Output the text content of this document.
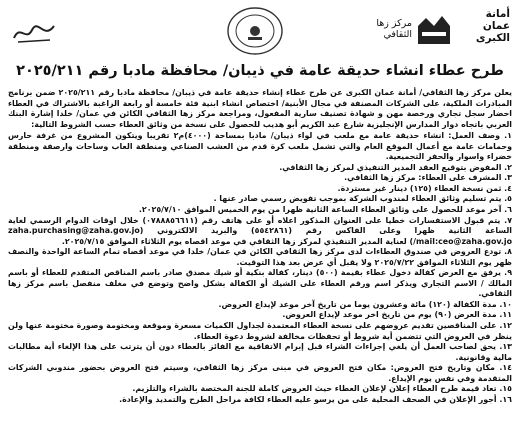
أمانة
عمان
الكبرى
مركز زها
الثقافي
طرح عطاء انشاء حديقة عامة في ذيبان/ محافظة مادبا رقم ٢٠٢٥/٢١١

يعلن مركز زها الثقافي/ أمانة عمان الكبرى عن طرح عطاء إنشاء حديقة عامة في ذيبان/ محافظة مادبا رقم ٢٠٢٥/٢١١ ضمن برنامج المبادرات الملكية، على الشركات المصنفة في مجال الأبنية/ اختصاص انشاء ابنية فئة خامسة أو رابعة الراغبة بالاشتراك في العطاء احضار سجل تجاري ورخصة مهن و شهادة تصنيف سارية المفعول، ومراجعة مركز زها الثقافي الكائن في عمان/ خلدا إشارة البنك العربي باتجاه دوار المدارس الإنجليزية شارع عبد الكريم أبو هديب للحصول على نسخة من وثائق العطاء حسب الشروط التالية:

١. وصف العمل: انشاء حديقة عامة مع ملعب في لواء ذيبان/ مادبا بمساحة (٤٠٠٠)م٢ تقريبا ويتكون المشروع من غرفة حارس وحمامات عامة مع أعمال الموقع العام والتي تشمل ملعب كرة قدم من العشب الصناعي ومنطقة العاب وساحات وارصفة ومنطقة خضراء واسوار والحفر التجميعية.

٢. المفوض بتوقيع العقد المدير التنفيذي لمركز زها الثقافي.

٣. المشرف على العطاء: مركز زها الثقافي.

٤. ثمن نسخة العطاء (١٢٥) دينار غير مستردة.

٥. يتم تسليم وثائق العطاء لمندوب الشركة بموجب تفويض رسمي صادر عنها .

٦. آخر موعد للحصول على وثائق العطاء الساعة الثانية ظهرا من يوم الخميس الموافق ٢٠٢٥/٧/١٠.

٧. يتم قبول الاستفسارات خطيا على العنوان المذكور اعلاه أو على هاتف رقم (٠٧٨٨٨٥٦٦١١) خلال اوقات الدوام الرسمي لغاية الساعة الثانية ظهرا وعلى الفاكس رقم (٥٥٤٢٨٦١) والبريد الالكتروني (zaha.purchasing@zaha.gov.jo /mail:ceo@zaha.gov.jo) لعناية المدير التنفيذي لمركز زها الثقافي في موعد اقصاه يوم الثلاثاء الموافق ٢٠٢٥/٧/١٥.

٨. تودع العروض في صندوق العطاءات لدى مركز زها الثقافي الكائن في عمان/ خلدا في موعد أقصاه تمام الساعة الواحدة والنصف ظهر يوم الثلاثاء الموافق ٢٠٢٥/٧/٢٢ ولا يقبل أي عرض بعد هذا التوقيت.

٩. يرفق مع العرض كفالة دخول عطاء بقيمة (٥٠٠) دينار، كفالة بنكية أو شيك مصدق صادر باسم المناقص المتقدم للعطاء أو باسم المالك / الاسم التجاري ويذكر اسم ورقم العطاء على الشيك أو الكفالة بشكل واضح وتوضع في مغلف منفصل باسم مركز زها الثقافي.

١٠. مدة الكفالة (١٢٠) مائة وعشرون يوما من تاريخ آخر موعد لإيداع العروض.

١١. مدة العرض (٩٠) يوم من تاريخ اخر موعد لإيداع العروض.

١٢. على المناقصين تقديم عروضهم على نسخة العطاء المعتمدة لجداول الكميات مسعرة وموقعة ومختومة وصورة مختومة عنها ولن ينظر في العروض التي تتضمن أية شروط أو تحفظات مخالفة لشروط دعوة العطاء.

١٣. يحق لصاحب العمل أن يلغي إجراءات الشراء قبل إبرام الاتفاقية مع الفائز بالعطاء دون أن يترتب على هذا الإلغاء أية مطالبات مالية وقانونية.

١٤. مكان وتاريخ فتح العروض: مكان فتح العروض في مبنى مركز زها الثقافي، وسيتم فتح العروض بحضور مندوبي الشركات المتقدمة وفي نفس يوم الإيداع.

١٥. تعاد قيمة طرح العطاء إعلان لإعلان العطاء حيث العروض كاملة للجنة المختصة بالشراء والتلزيم.

١٦. أجور الإعلان في الصحف المحلية على من يرسو عليه العطاء لكافة مراحل الطرح والتمديد والإعادة.
